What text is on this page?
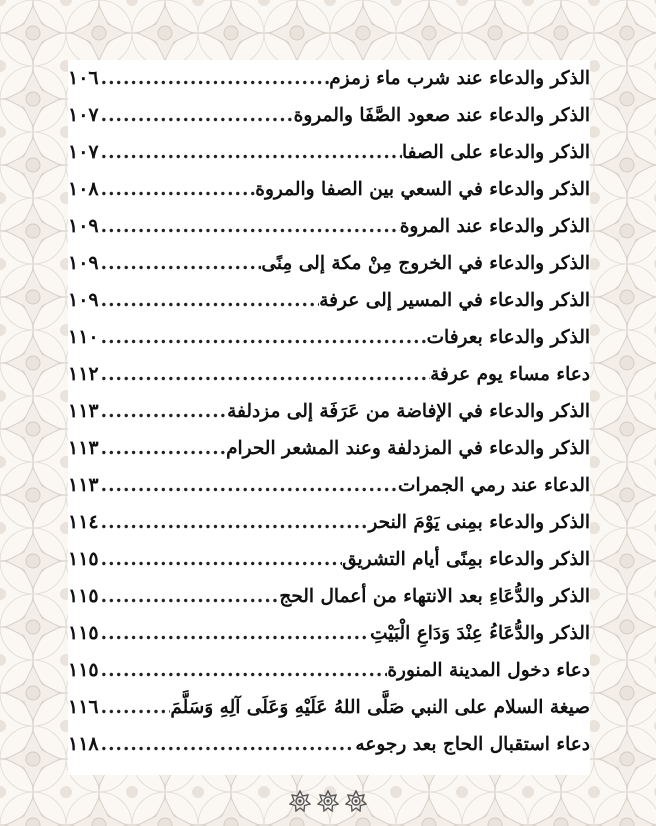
الذكر والدعاء عند شرب ماء زمزم
.....
١٠٦
الذكر والدعاء عند صعود الصَّفَا والمروة
.....
١٠٧
الذكر والدعاء على الصفا
.....
١٠٧
الذكر والدعاء في السعي بين الصفا والمروة
.....
١٠٨
الذكر والدعاء عند المروة
.....
١٠٩
الذكر والدعاء في الخروج مِنْ مكة إلى مِنًى
.....
١٠٩
الذكر والدعاء في المسير إلى عرفة
.....
١٠٩
الذكر والدعاء بعرفات
.....
١١٠
دعاء مساء يوم عرفة
.....
١١٢
الذكر والدعاء في الإفاضة من عَرَفَة إلى مزدلفة
.....
١١٣
الذكر والدعاء في المزدلفة وعند المشعر الحرام
.....
١١٣
الدعاء عند رمي الجمرات
.....
١١٣
الذكر والدعاء بمِنى يَوْمَ النحر
.....
١١٤
الذكر والدعاء بمِنًى أيام التشريق
.....
١١٥
الذكر والدُّعَاءِ بعد الانتهاء من أعمال الحج
.....
١١٥
الذكر والدُّعَاءُ عِنْدَ وَدَاعِ الْبَيْتِ
.....
١١٥
دعاء دخول المدينة المنورة
.....
١١٥
صيغة السلام على النبي صَلَّى اللهُ عَلَيْهِ وَعَلَى آلِهِ وَسَلَّمَ
.....
١١٦
دعاء استقبال الحاج بعد رجوعه
.....
١١٨
